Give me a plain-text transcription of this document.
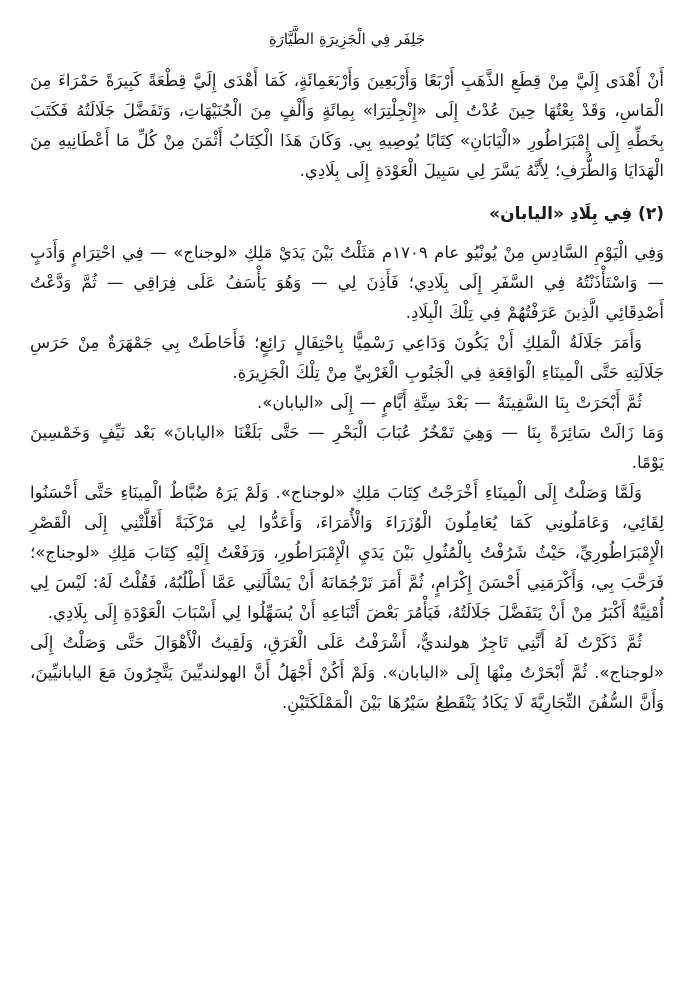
جَلِفَر فِي الْجَزِيرَةِ الطَّيَّارَةِ

أَنْ أَهْدَى إِلَيَّ مِنْ قِطَعِ الذَّهَبِ أَرْبَعًا وَأَرْبَعِينَ وَأَرْبَعَمِائَةٍ، كَمَا أَهْدَى إِلَيَّ قِطْعَةً كَبِيرَةً حَمْرَاءَ مِنَ الْمَاسِ، وَقَدْ بِعْتُهَا حِينَ عُدْتُ إِلَى «إِنْجِلْتِرَا» بِمِائَةٍ وَأَلْفٍ مِنَ الْجُنَيْهَاتِ، وَتَفَضَّلَ جَلَالَتُهُ فَكَتَبَ بِخَطِّهِ إِلَى إِمْبَرَاطُورِ «الْيَابَانِ» كِتَابًا يُوصِيهِ بِي. وَكَانَ هَذَا الْكِتَابُ أَثْمَنَ مِنْ كُلِّ مَا أَعْطَانِيهِ مِنَ الْهَدَايَا وَالطُّرَفِ؛ لِأَنَّهُ يَسَّرَ لِي سَبِيلَ الْعَوْدَةِ إِلَى بِلَادِي.

(٢) فِي بِلَادِ «اليابان»

وَفِي الْيَوْمِ السَّادِسِ مِنْ يُونْيُو عام ١٧٠٩م مَثَلْتُ بَيْنَ يَدَيْ مَلِكِ «لوجناج» — فِي احْتِرَامٍ وَأَدَبٍ — وَاسْتَأْذَنْتُهُ فِي السَّفَرِ إِلَى بِلَادِي؛ فَأَذِنَ لِي — وَهُوَ يَأْسَفُ عَلَى فِرَاقِي — ثُمَّ وَدَّعْتُ أَصْدِقَائِي الَّذِينَ عَرَفْتُهُمْ فِي تِلْكَ الْبِلَادِ.

وَأَمَرَ جَلَالَةُ الْمَلِكِ أَنْ يَكُونَ وَدَاعِي رَسْمِيًّا بِاحْتِفَالٍ رَائِعٍ؛ فَأَحَاطَتْ بِي جَمْهَرَةٌ مِنْ حَرَسِ جَلَالَتِهِ حَتَّى الْمِينَاءِ الْوَاقِعَةِ فِي الْجَنُوبِ الْغَرْبِيِّ مِنْ تِلْكَ الْجَزِيرَةِ.

ثُمَّ أَبْحَرَتْ بِنَا السَّفِينَةُ — بَعْدَ سِتَّةِ أَيَّامٍ — إِلَى «اليابان».

وَمَا زَالَتْ سَائِرَةً بِنَا — وَهِيَ تَمْخُرُ عُبَابَ الْبَحْرِ — حَتَّى بَلَغْنَا «اليابانَ» بَعْد نَيِّفٍ وَخَمْسِينَ يَوْمًا.

وَلَمَّا وَصَلْتُ إِلَى الْمِينَاءِ أَخْرَجْتُ كِتَابَ مَلِكِ «لوجناج». وَلَمْ يَرَهُ ضُبَّاطُ الْمِينَاءِ حَتَّى أَحْسَنُوا لِقَائِي، وَعَامَلُونِي كَمَا يُعَامِلُونَ الْوُزَرَاءَ وَالْأُمَرَاءَ، وَأَعَدُّوا لِي مَرْكَبَةً أَقَلَّتْنِي إِلَى الْقَصْرِ الْإِمْبَرَاطُورِيِّ، حَيْثُ شَرُفْتُ بِالْمُثُولِ بَيْنَ يَدَيِ الْإِمْبَرَاطُورِ، وَرَفَعْتُ إِلَيْهِ كِتَابَ مَلِكِ «لوجناج»؛ فَرَحَّبَ بِي، وَأَكْرَمَنِي أَحْسَنَ إِكْرَامٍ، ثُمَّ أَمَرَ تَرْجُمَانَهُ أَنْ يَسْأَلَنِي عَمَّا أَطْلُبُهُ، فَقُلْتُ لَهُ: لَيْسَ لِي أُمْنِيَّةٌ أَكْبَرُ مِنْ أَنْ يَتَفَضَّلَ جَلَالَتُهُ، فَيَأْمُرَ بَعْضَ أَتْبَاعِهِ أَنْ يُسَهِّلُوا لِي أَسْبَابَ الْعَوْدَةِ إِلَى بِلَادِي.

ثُمَّ ذَكَرْتُ لَهُ أَنَّنِي تَاجِرٌ هولنديٌّ، أَشْرَفْتُ عَلَى الْغَرَقِ، وَلَقِيتُ الْأَهْوَالَ حَتَّى وَصَلْتُ إِلَى «لوجناج». ثُمَّ أَبْحَرْتُ مِنْهَا إِلَى «اليابان». وَلَمْ أَكُنْ أَجْهَلُ أَنَّ الهولنديِّينَ يَتَّجِرُونَ مَعَ اليابانيِّينَ، وَأَنَّ السُّفُنَ التِّجَارِيَّةَ لَا يَكَادُ يَنْقَطِعُ سَيْرُهَا بَيْنَ الْمَمْلَكَتَيْنِ.
